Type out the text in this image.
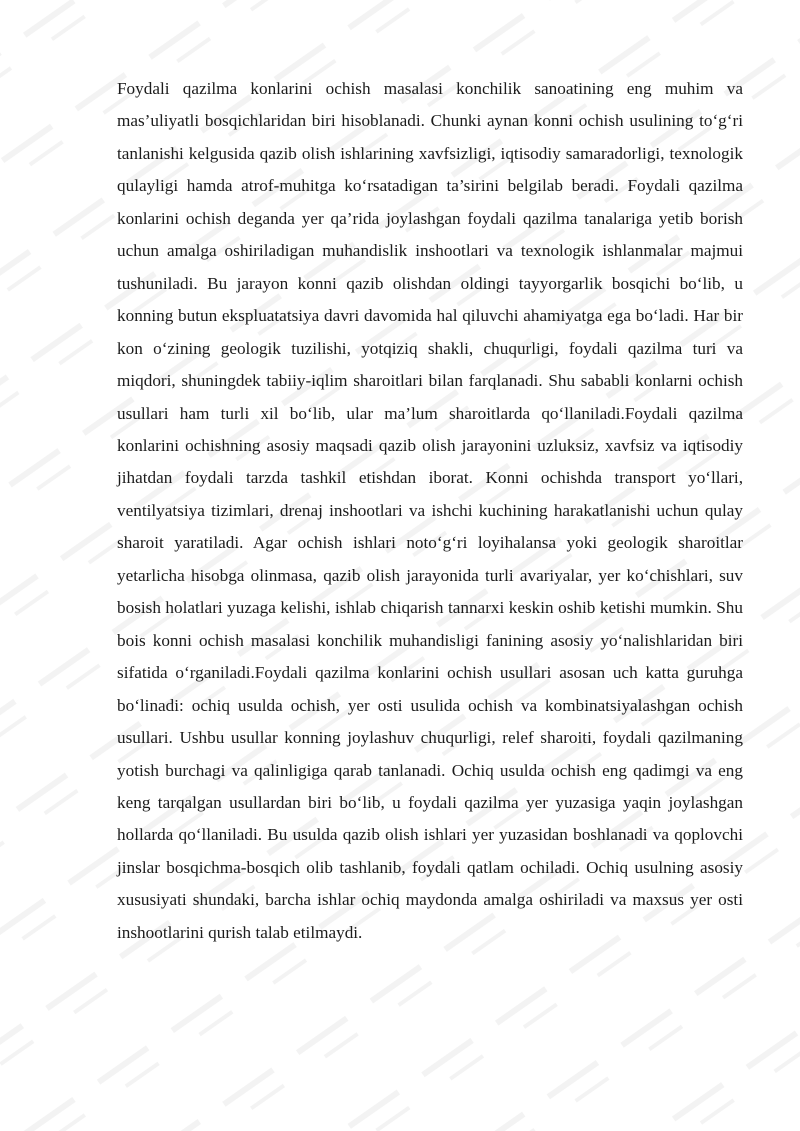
Foydali qazilma konlarini ochish masalasi konchilik sanoatining eng muhim va mas’uliyatli bosqichlaridan biri hisoblanadi. Chunki aynan konni ochish usulining to‘g‘ri tanlanishi kelgusida qazib olish ishlarining xavfsizligi, iqtisodiy samaradorligi, texnologik qulayligi hamda atrof-muhitga ko‘rsatadigan ta’sirini belgilab beradi. Foydali qazilma konlarini ochish deganda yer qa’rida joylashgan foydali qazilma tanalariga yetib borish uchun amalga oshiriladigan muhandislik inshootlari va texnologik ishlanmalar majmui tushuniladi. Bu jarayon konni qazib olishdan oldingi tayyorgarlik bosqichi bo‘lib, u konning butun ekspluatatsiya davri davomida hal qiluvchi ahamiyatga ega bo‘ladi. Har bir kon o‘zining geologik tuzilishi, yotqiziq shakli, chuqurligi, foydali qazilma turi va miqdori, shuningdek tabiiy-iqlim sharoitlari bilan farqlanadi. Shu sababli konlarni ochish usullari ham turli xil bo‘lib, ular ma’lum sharoitlarda qo‘llaniladi.Foydali qazilma konlarini ochishning asosiy maqsadi qazib olish jarayonini uzluksiz, xavfsiz va iqtisodiy jihatdan foydali tarzda tashkil etishdan iborat. Konni ochishda transport yo‘llari, ventilyatsiya tizimlari, drenaj inshootlari va ishchi kuchining harakatlanishi uchun qulay sharoit yaratiladi. Agar ochish ishlari noto‘g‘ri loyihalansa yoki geologik sharoitlar yetarlicha hisobga olinmasa, qazib olish jarayonida turli avariyalar, yer ko‘chishlari, suv bosish holatlari yuzaga kelishi, ishlab chiqarish tannarxi keskin oshib ketishi mumkin. Shu bois konni ochish masalasi konchilik muhandisligi fanining asosiy yo‘nalishlaridan biri sifatida o‘rganiladi.Foydali qazilma konlarini ochish usullari asosan uch katta guruhga bo‘linadi: ochiq usulda ochish, yer osti usulida ochish va kombinatsiyalashgan ochish usullari. Ushbu usullar konning joylashuv chuqurligi, relef sharoiti, foydali qazilmaning yotish burchagi va qalinligiga qarab tanlanadi. Ochiq usulda ochish eng qadimgi va eng keng tarqalgan usullardan biri bo‘lib, u foydali qazilma yer yuzasiga yaqin joylashgan hollarda qo‘llaniladi. Bu usulda qazib olish ishlari yer yuzasidan boshlanadi va qoplovchi jinslar bosqichma-bosqich olib tashlanib, foydali qatlam ochiladi. Ochiq usulning asosiy xususiyati shundaki, barcha ishlar ochiq maydonda amalga oshiriladi va maxsus yer osti inshootlarini qurish talab etilmaydi.
